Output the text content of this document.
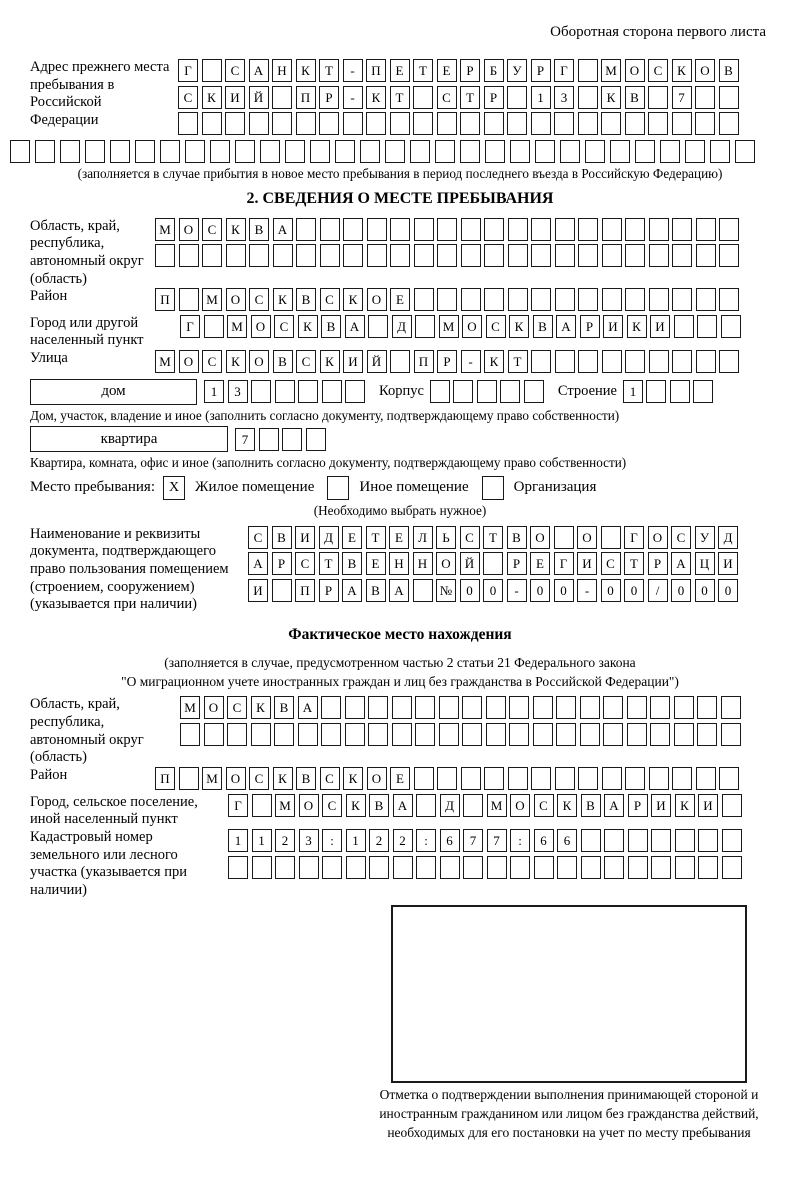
Оборотная сторона первого листа
Адрес прежнего места пребывания в Российской Федерации
Г	С	А	Н	К	Т	-	П	Е	Т	Е	Р	Б	У	Р	Г	М	О	С	К	О	В
С	К	И	Й	П	Р	-	К	Т	С	Т	Р	1	3	К	В	7
(заполняется в случае прибытия в новое место пребывания в период последнего въезда в Российскую Федерацию)
2. СВЕДЕНИЯ О МЕСТЕ ПРЕБЫВАНИЯ
Область, край, республика, автономный округ (область)
М	О	С	К	В	А
Район	П	М	О	С	К	В	С	К	О	Е
Город или другой населенный пункт
Г	М	О	С	К	В	А	Д	М	О	С	К	В	А	Р	И	К	И
Улица	М	О	С	К	О	В	С	К	И	Й	П	Р	-	К	Т
дом	1	3	Корпус	Строение 1
Дом, участок, владение и иное (заполнить согласно документу, подтверждающему право собственности)
квартира	7
Квартира, комната, офис и иное (заполнить согласно документу, подтверждающему право собственности)
Место пребывания: X	Жилое помещение	Иное помещение	Организация
(Необходимо выбрать нужное)
Наименование и реквизиты документа, подтверждающего право пользования помещением (строением, сооружением) (указывается при наличии)
С	В	И	Д	Е	Т	Е	Л	Ь	С	Т	В	О	О	Г	О	С	У	Д
А	Р	С	Т	В	Е	Н	Н	О	Й	Р	Е	Г	И	С	Т	Р	А	Ц	И
И	П	Р	А	В	А	№	0	0	-	0	0	-	0	0	/	0	0	0
Фактическое место нахождения
(заполняется в случае, предусмотренном частью 2 статьи 21 Федерального закона
"О миграционном учете иностранных граждан и лиц без гражданства в Российской Федерации")
Область, край, республика, автономный округ (область)
М	О	С	К	В	А
Район	П	М	О	С	К	В	С	К	О	Е
Город, сельское поселение, иной населенный пункт
Г	М	О	С	К	В	А	Д	М	О	С	К	В	А	Р	И	К	И
Кадастровый номер земельного или лесного участка (указывается при наличии)
1	1	2	3	:	1	2	2	:	6	7	7	:	6	6
Отметка о подтверждении выполнения принимающей стороной и иностранным гражданином или лицом без гражданства действий, необходимых для его постановки на учет по месту пребывания
